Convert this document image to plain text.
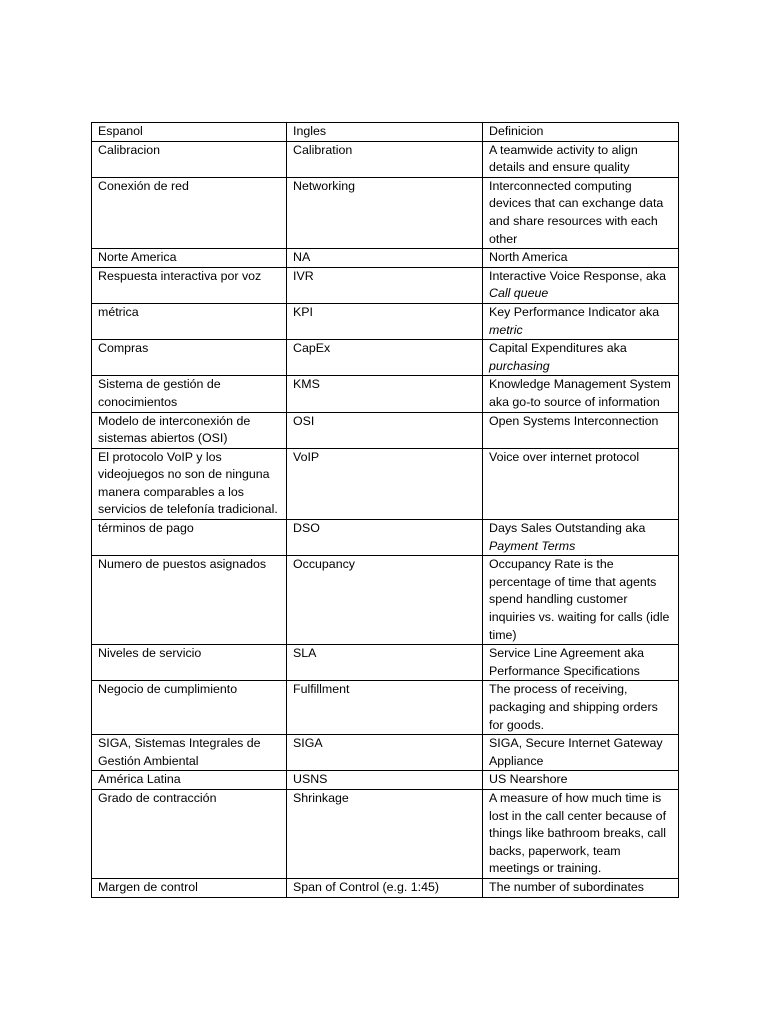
Espanol	Ingles	Definicion
Calibracion	Calibration	A teamwide activity to align details and ensure quality
Conexión de red	Networking	Interconnected computing devices that can exchange data and share resources with each other
Norte America	NA	North America
Respuesta interactiva por voz	IVR	Interactive Voice Response, aka Call queue
métrica	KPI	Key Performance Indicator aka metric
Compras	CapEx	Capital Expenditures aka purchasing
Sistema de gestión de conocimientos	KMS	Knowledge Management System aka go-to source of information
Modelo de interconexión de sistemas abiertos (OSI)	OSI	Open Systems Interconnection
El protocolo VoIP y los videojuegos no son de ninguna manera comparables a los servicios de telefonía tradicional.	VoIP	Voice over internet protocol
términos de pago	DSO	Days Sales Outstanding aka Payment Terms
Numero de puestos asignados	Occupancy	Occupancy Rate is the percentage of time that agents spend handling customer inquiries vs. waiting for calls (idle time)
Niveles de servicio	SLA	Service Line Agreement aka Performance Specifications
Negocio de cumplimiento	Fulfillment	The process of receiving, packaging and shipping orders for goods.
SIGA, Sistemas Integrales de Gestión Ambiental	SIGA	SIGA, Secure Internet Gateway Appliance
América Latina	USNS	US Nearshore
Grado de contracción	Shrinkage	A measure of how much time is lost in the call center because of things like bathroom breaks, call backs, paperwork, team meetings or training.
Margen de control	Span of Control (e.g. 1:45)	The number of subordinates
